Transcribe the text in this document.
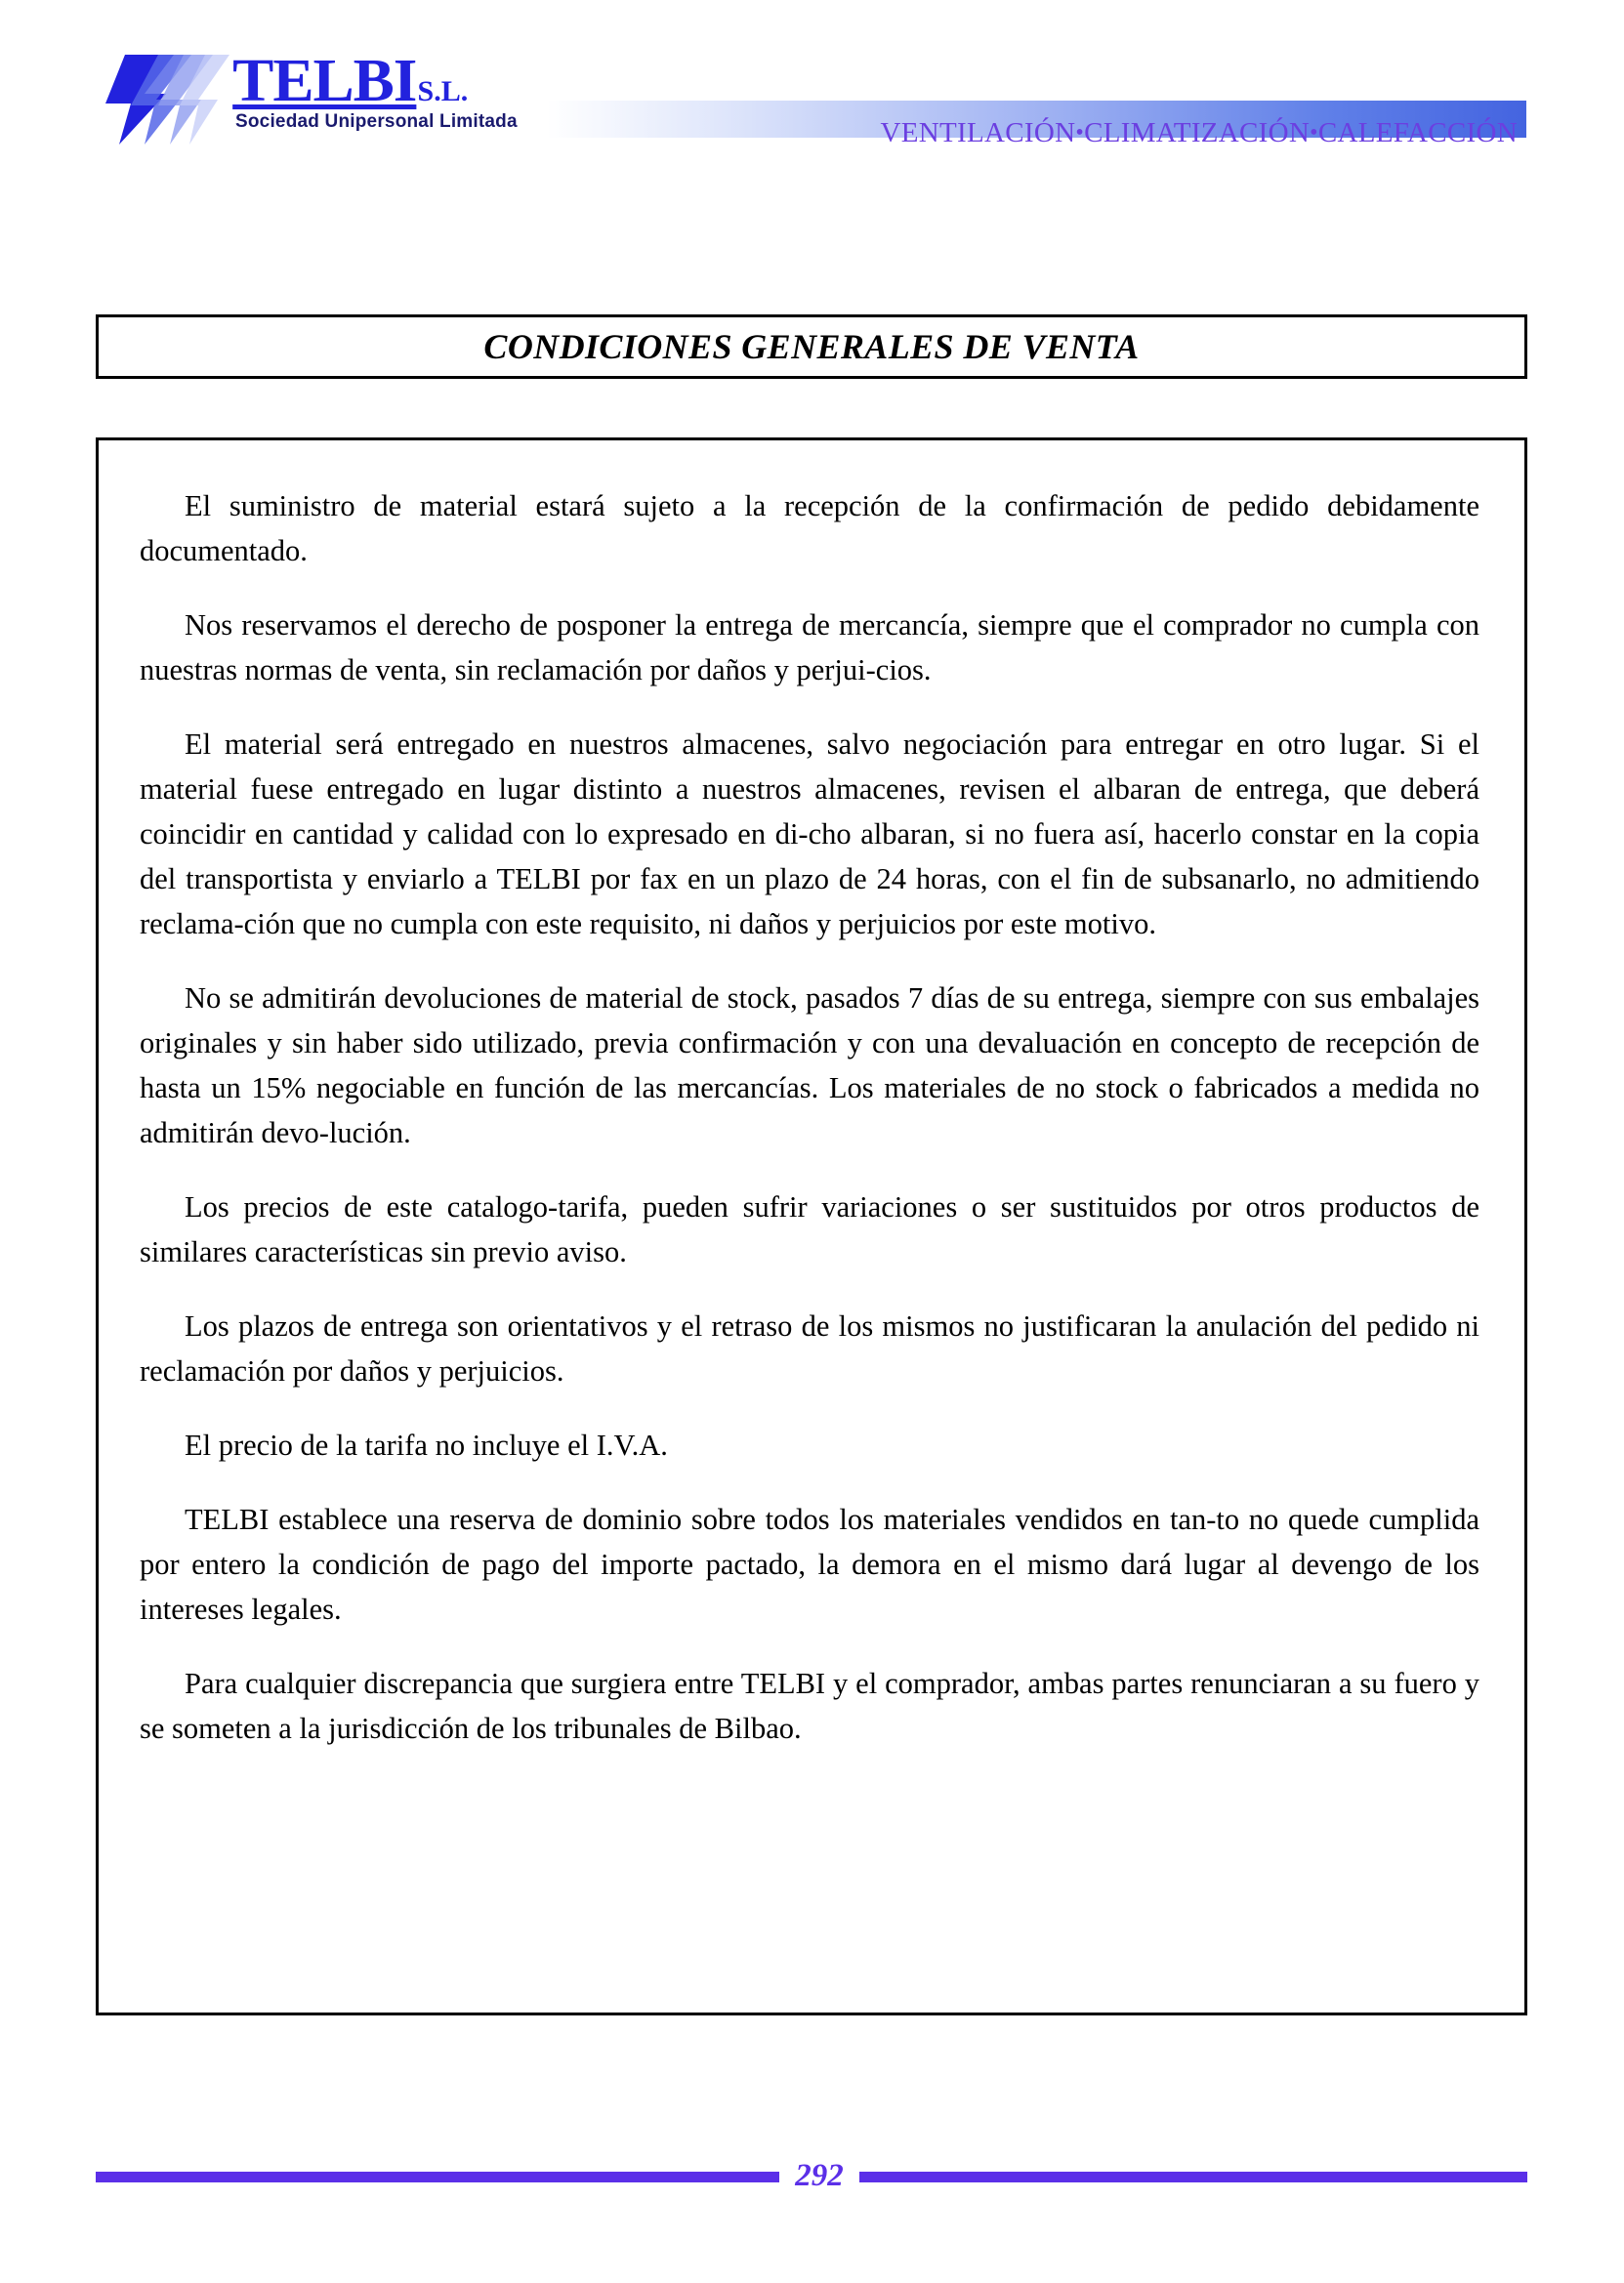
TELBIS.L.
Sociedad Unipersonal Limitada	VENTILACIÓN•CLIMATIZACIÓN•CALEFACCIÓN
CONDICIONES GENERALES DE VENTA

El suministro de material estará sujeto a la recepción de la confirmación de pedido debidamente documentado.

Nos reservamos el derecho de posponer la entrega de mercancía, siempre que el comprador no cumpla con nuestras normas de venta, sin reclamación por daños y perjui-cios.

El material será entregado en nuestros almacenes, salvo negociación para entregar en otro lugar. Si el material fuese entregado en lugar distinto a nuestros almacenes, revisen el albaran de entrega, que deberá coincidir en cantidad y calidad con lo expresado en di-cho albaran, si no fuera así, hacerlo constar en la copia del transportista y enviarlo a TELBI por fax en un plazo de 24 horas, con el fin de subsanarlo, no admitiendo reclama-ción que no cumpla con este requisito, ni daños y perjuicios por este motivo.

No se admitirán devoluciones de material de stock, pasados 7 días de su entrega, siempre con sus embalajes originales y sin haber sido utilizado, previa confirmación y con una devaluación en concepto de recepción de hasta un 15% negociable en función de las mercancías. Los materiales de no stock o fabricados a medida no admitirán devo-lución.

Los precios de este catalogo-tarifa, pueden sufrir variaciones o ser sustituidos por otros productos de similares características sin previo aviso.

Los plazos de entrega son orientativos y el retraso de los mismos no justificaran la anulación del pedido ni reclamación por daños y perjuicios.

El precio de la tarifa no incluye el I.V.A.

TELBI establece una reserva de dominio sobre todos los materiales vendidos en tan-to no quede cumplida por entero la condición de pago del importe pactado, la demora en el mismo dará lugar al devengo de los intereses legales.

Para cualquier discrepancia que surgiera entre TELBI y el comprador, ambas partes renunciaran a su fuero y se someten a la jurisdicción de los tribunales de Bilbao.

292
